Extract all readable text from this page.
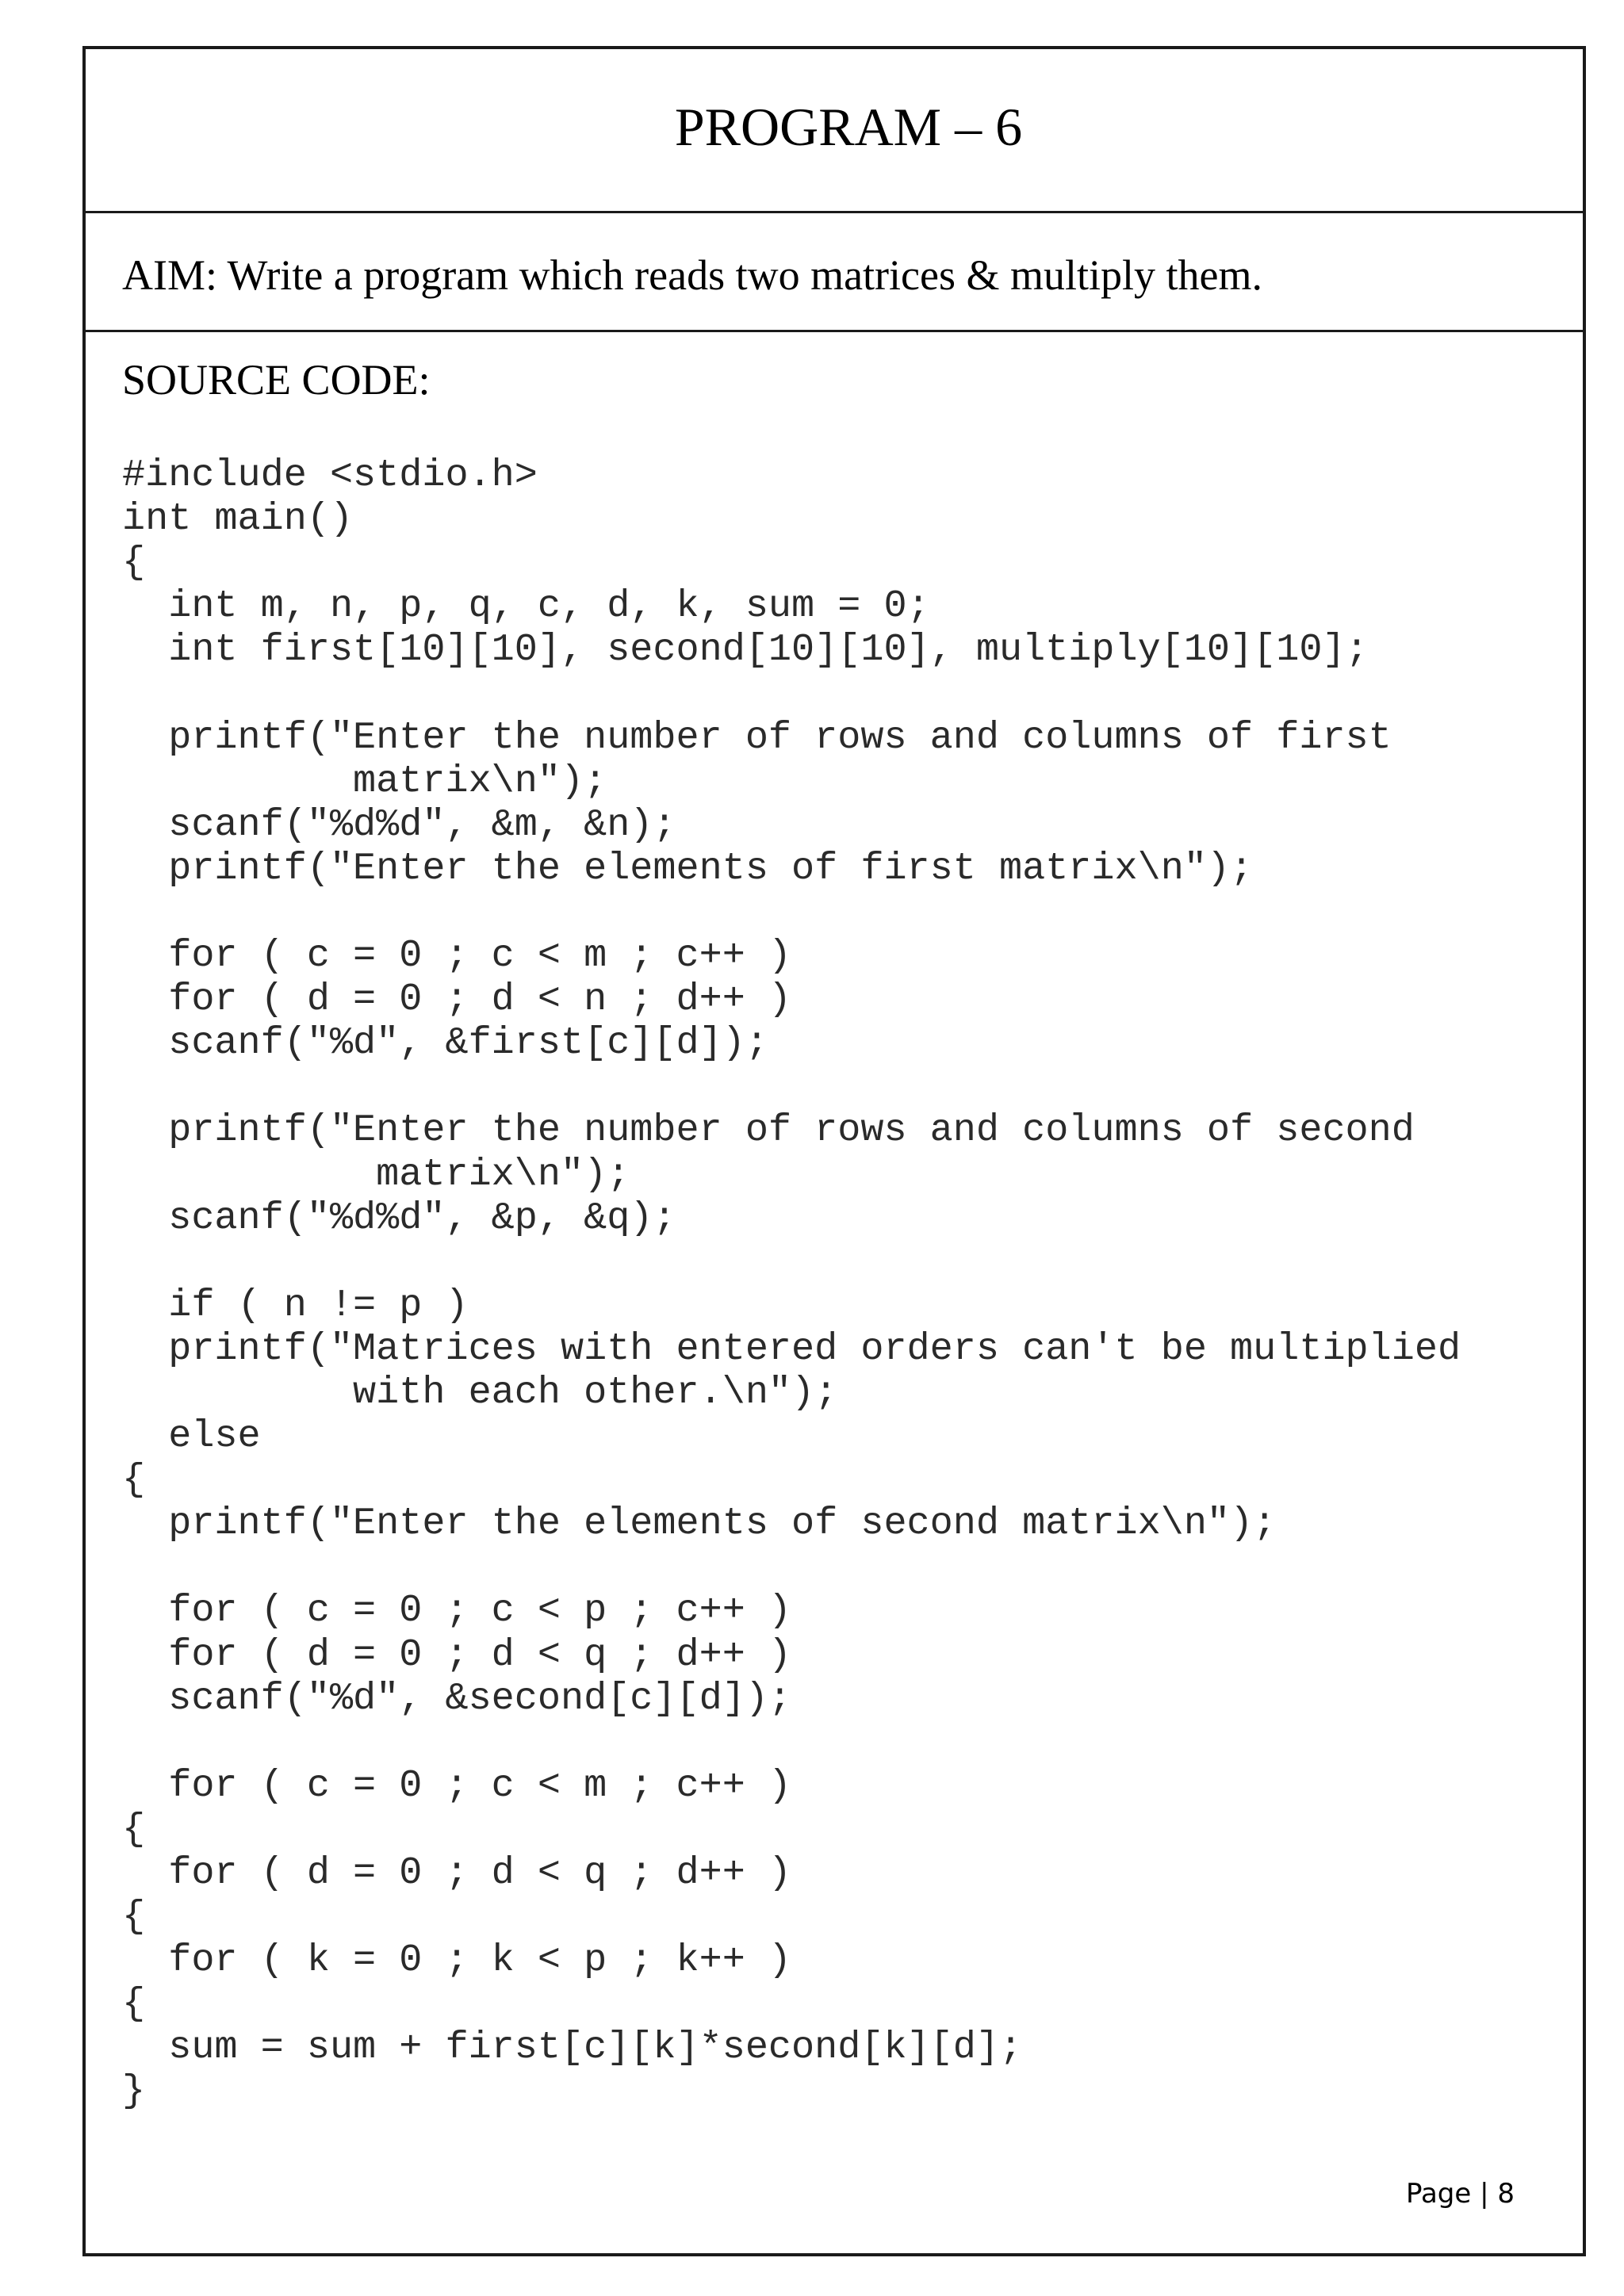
PROGRAM – 6
AIM: Write a program which reads two matrices & multiply them.
SOURCE CODE:
#include <stdio.h>
int main()
{
int m, n, p, q, c, d, k, sum = 0;
int first[10][10], second[10][10], multiply[10][10];
printf("Enter the number of rows and columns of first
matrix\n");
scanf("%d%d", &m, &n);
printf("Enter the elements of first matrix\n");
for ( c = 0 ; c < m ; c++ )
for ( d = 0 ; d < n ; d++ )
scanf("%d", &first[c][d]);
printf("Enter the number of rows and columns of second
matrix\n");
scanf("%d%d", &p, &q);
if ( n != p )
printf("Matrices with entered orders can't be multiplied
with each other.\n");
else
{
printf("Enter the elements of second matrix\n");
for ( c = 0 ; c < p ; c++ )
for ( d = 0 ; d < q ; d++ )
scanf("%d", &second[c][d]);
for ( c = 0 ; c < m ; c++ )
{
for ( d = 0 ; d < q ; d++ )
{
for ( k = 0 ; k < p ; k++ )
{
sum = sum + first[c][k]*second[k][d];
}
Page | 8
